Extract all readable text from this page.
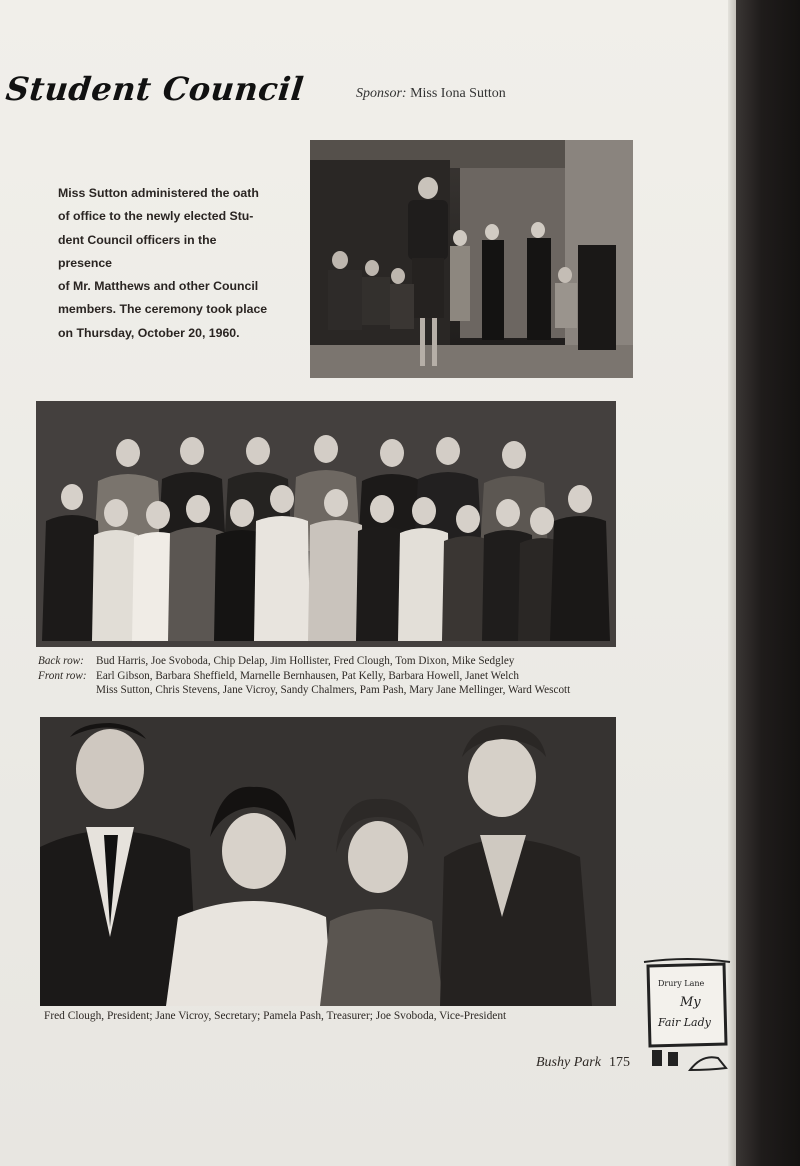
Student Council	Sponsor: Miss Iona Sutton
Miss Sutton administered the oath
of office to the newly elected Stu-
dent Council officers in the presence
of Mr. Matthews and other Council
members. The ceremony took place
on Thursday, October 20, 1960.
Back row: Bud Harris, Joe Svoboda, Chip Delap, Jim Hollister, Fred Clough, Tom Dixon, Mike Sedgley
Front row: Earl Gibson, Barbara Sheffield, Marnelle Bernhausen, Pat Kelly, Barbara Howell, Janet Welch
Miss Sutton, Chris Stevens, Jane Vicroy, Sandy Chalmers, Pam Pash, Mary Jane Mellinger, Ward Wescott
Fred Clough, President; Jane Vicroy, Secretary; Pamela Pash, Treasurer; Joe Svoboda, Vice-President
Bushy Park 175
Drury Lane
My
Fair Lady
